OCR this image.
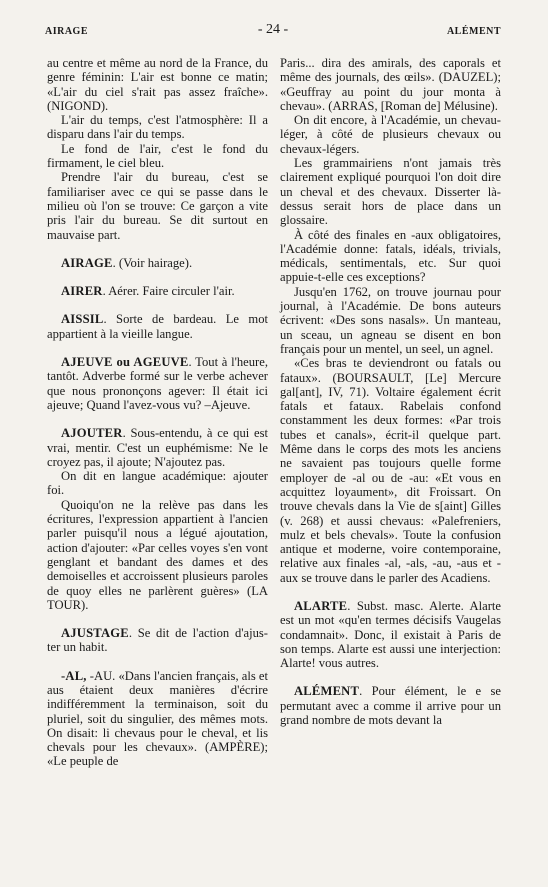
AIRAGE	- 24 -	ALÉMENT

au centre et même au nord de la France, du genre féminin: L'air est bonne ce matin; «L'air du ciel s'rait pas assez fraîche». (NIGOND).

L'air du temps, c'est l'atmosphère: Il a disparu dans l'air du temps.

Le fond de l'air, c'est le fond du firmament, le ciel bleu.

Prendre l'air du bureau, c'est se familiariser avec ce qui se passe dans le milieu où l'on se trouve: Ce garçon a vite pris l'air du bureau. Se dit surtout en mauvaise part.

AIRAGE. (Voir hairage).

AIRER. Aérer. Faire circuler l'air.

AISSIL. Sorte de bardeau. Le mot appartient à la vieille langue.

AJEUVE ou AGEUVE. Tout à l'heure, tantôt. Adverbe formé sur le verbe achever que nous prononçons agever: Il était ici ajeuve; Quand l'avez-vous vu? –Ajeuve.

AJOUTER. Sous-entendu, à ce qui est vrai, mentir. C'est un euphémisme: Ne le croyez pas, il ajoute; N'ajoutez pas.

On dit en langue académique: ajouter foi.

Quoiqu'on ne la relève pas dans les écritures, l'expression appartient à l'ancien parler puisqu'il nous a légué ajoutation, action d'ajouter: «Par celles voyes s'en vont genglant et bandant des dames et des demoiselles et accroissent plusieurs paroles de quoy elles ne parlèrent guères» (LA TOUR).

AJUSTAGE. Se dit de l'action d'ajus-ter un habit.

-AL, -AU. «Dans l'ancien français, als et aus étaient deux manières d'écrire indifféremment la terminaison, soit du pluriel, soit du singulier, des mêmes mots. On disait: li chevaus pour le cheval, et lis chevals pour les chevaux». (AMPÈRE); «Le peuple de

Paris... dira des amirals, des caporals et même des journals, des œils». (DAUZEL); «Geuffray au point du jour monta à chevau». (ARRAS, [Roman de] Mélusine).

On dit encore, à l'Académie, un chevau-léger, à côté de plusieurs chevaux ou chevaux-légers.

Les grammairiens n'ont jamais très clairement expliqué pourquoi l'on doit dire un cheval et des chevaux. Disserter là-dessus serait hors de place dans un glossaire.

À côté des finales en -aux obligatoires, l'Académie donne: fatals, idéals, trivials, médicals, sentimentals, etc. Sur quoi appuie-t-elle ces exceptions?

Jusqu'en 1762, on trouve journau pour journal, à l'Académie. De bons auteurs écrivent: «Des sons nasals». Un manteau, un sceau, un agneau se disent en bon français pour un mentel, un seel, un agnel.

«Ces bras te deviendront ou fatals ou fataux». (BOURSAULT, [Le] Mercure gal[ant], IV, 71). Voltaire également écrit fatals et fataux. Rabelais confond constamment les deux formes: «Par trois tubes et canals», écrit-il quelque part. Même dans le corps des mots les anciens ne savaient pas toujours quelle forme employer de -al ou de -au: «Et vous en acquittez loyaument», dit Froissart. On trouve chevals dans la Vie de s[aint] Gilles (v. 268) et aussi chevaus: «Palefreniers, mulz et bels chevals». Toute la confusion antique et moderne, voire contemporaine, relative aux finales -al, -als, -au, -aus et -aux se trouve dans le parler des Acadiens.

ALARTE. Subst. masc. Alerte. Alarte est un mot «qu'en termes décisifs Vaugelas condamnait». Donc, il existait à Paris de son temps. Alarte est aussi une interjection: Alarte! vous autres.

ALÉMENT. Pour élément, le e se permutant avec a comme il arrive pour un grand nombre de mots devant la
